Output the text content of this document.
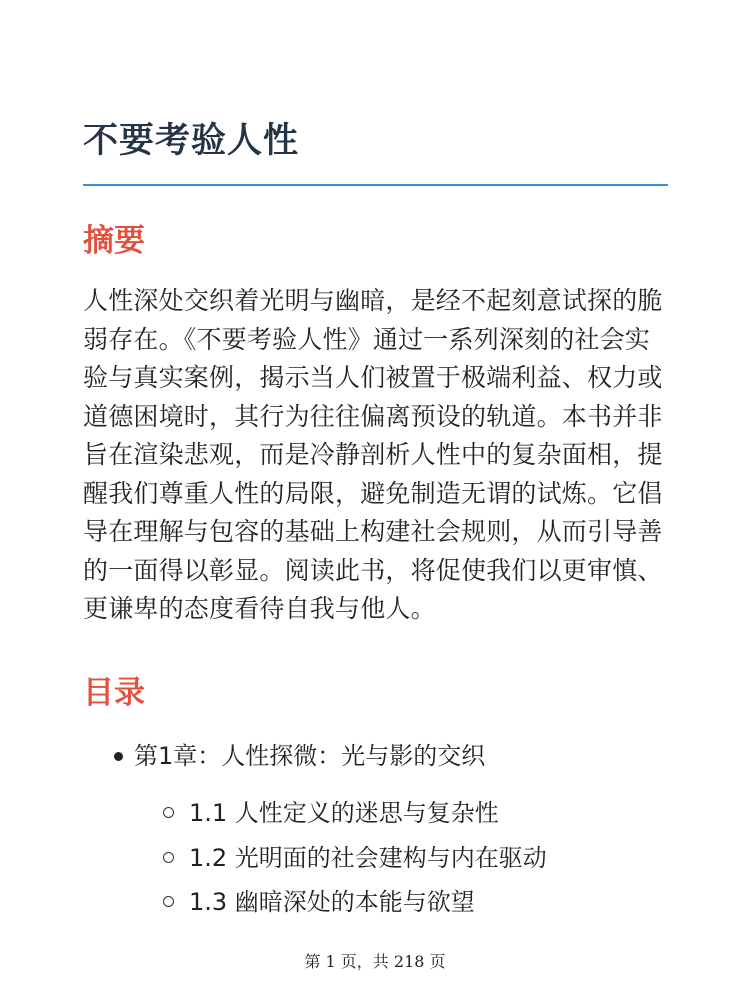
不要考验人性
摘要

人性深处交织着光明与幽暗，是经不起刻意试探的脆弱存在。《不要考验人性》通过一系列深刻的社会实验与真实案例，揭示当人们被置于极端利益、权力或道德困境时，其行为往往偏离预设的轨道。本书并非旨在渲染悲观，而是冷静剖析人性中的复杂面相，提醒我们尊重人性的局限，避免制造无谓的试炼。它倡导在理解与包容的基础上构建社会规则，从而引导善的一面得以彰显。阅读此书，将促使我们以更审慎、更谦卑的态度看待自我与他人。

目录
第1章：人性探微：光与影的交织
1.1 人性定义的迷思与复杂性
1.2 光明面的社会建构与内在驱动
1.3 幽暗深处的本能与欲望
第 1 页，共 218 页
